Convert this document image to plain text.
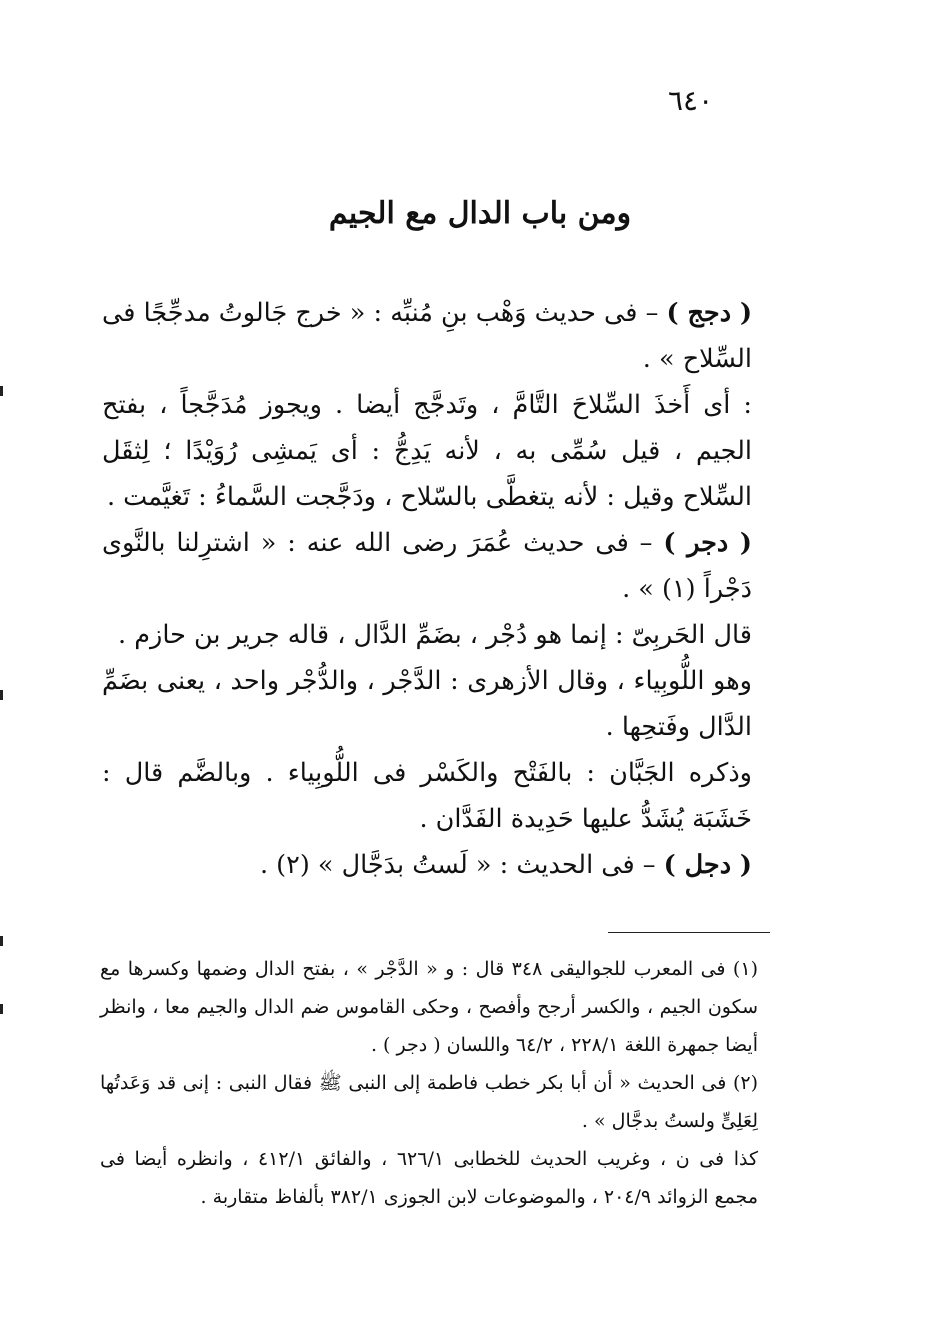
٦٤٠
ومن باب الدال مع الجيم

( دجج ) – فى حديث وَهْب بنِ مُنبِّه : « خرج جَالوتُ مدجِّجًا فى السِّلاح » .

: أى أَخذَ السِّلاحَ التَّامَّ ، وتَدجَّج أيضا . ويجوز مُدَجَّجاً ، بفتح الجيم ، قيل سُمِّى به ، لأنه يَدِجُّ : أى يَمشِى رُوَيْدًا ؛ لِثقَل السِّلاح وقيل : لأنه يتغطَّى بالسّلاح ، ودَجَّجت السَّماءُ : تَغيَّمت .

( دجر ) – فى حديث عُمَرَ رضى الله عنه : « اشترِلنا بالنَّوى دَجْراً (١) » .

قال الحَربِىّ : إنما هو دُجْر ، بضَمِّ الدَّال ، قاله جرير بن حازم .

وهو اللُّوبِياء ، وقال الأزهرى : الدَّجْر ، والدُّجْر واحد ، يعنى بضَمِّ الدَّال وفَتحِها .

وذكره الجَبَّان : بالفَتْح والكَسْر فى اللُّوبِياء . وبالضَّم قال : خَشَبَة يُشَدُّ عليها حَدِيدة الفَدَّان .

( دجل ) – فى الحديث : « لَستُ بدَجَّال » (٢) .

(١) فى المعرب للجواليقى ٣٤٨ قال : و « الدَّجْر » ، بفتح الدال وضمها وكسرها مع سكون الجيم ، والكسر أرجح وأفصح ، وحكى القاموس ضم الدال والجيم معا ، وانظر أيضا جمهرة اللغة ٢٢٨/١ ، ٦٤/٢ واللسان ( دجر ) .

(٢) فى الحديث « أن أبا بكر خطب فاطمة إلى النبى ﷺ فقال النبى : إنى قد وَعَدتُها لِعَلِىٍّ ولستُ بدجَّال » .

كذا فى ن ، وغريب الحديث للخطابى ٦٢٦/١ ، والفائق ٤١٢/١ ، وانظره أيضا فى مجمع الزوائد ٢٠٤/٩ ، والموضوعات لابن الجوزى ٣٨٢/١ بألفاظ متقاربة .
